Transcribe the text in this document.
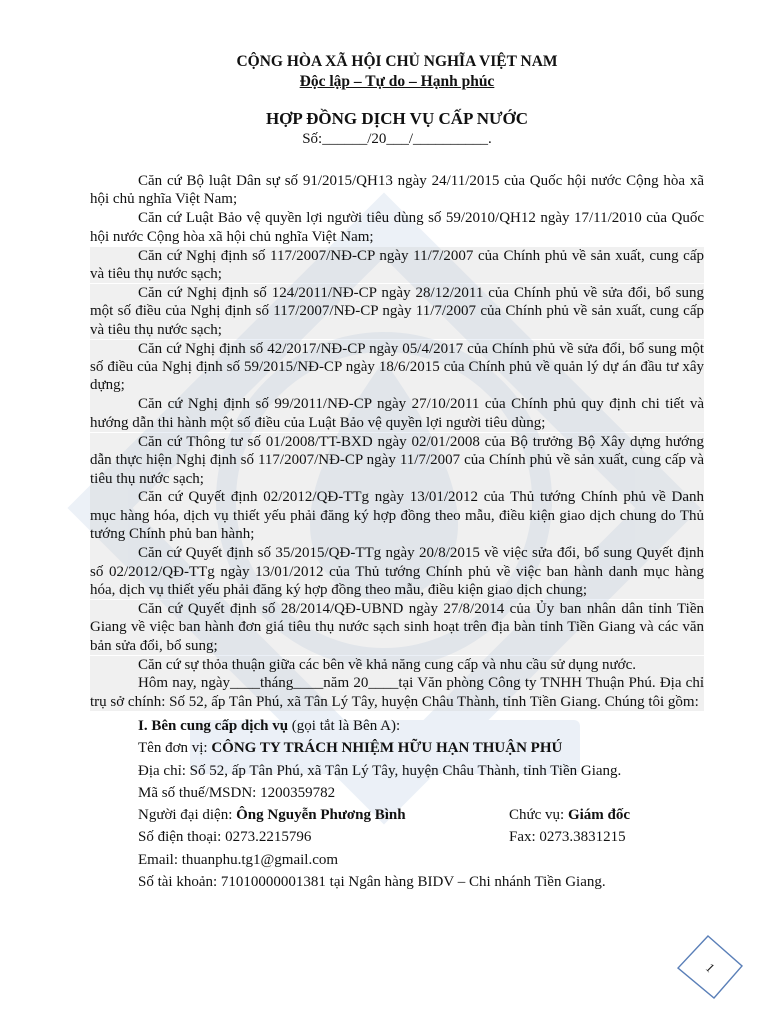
CỘNG HÒA XÃ HỘI CHỦ NGHĨA VIỆT NAM
Độc lập – Tự do – Hạnh phúc
HỢP ĐỒNG DỊCH VỤ CẤP NƯỚC
Số:______/20___/__________.

Căn cứ Bộ luật Dân sự số 91/2015/QH13 ngày 24/11/2015 của Quốc hội nước Cộng hòa xã hội chủ nghĩa Việt Nam;

Căn cứ Luật Bảo vệ quyền lợi người tiêu dùng số 59/2010/QH12 ngày 17/11/2010 của Quốc hội nước Cộng hòa xã hội chủ nghĩa Việt Nam;

Căn cứ Nghị định số 117/2007/NĐ-CP ngày 11/7/2007 của Chính phủ về sản xuất, cung cấp và tiêu thụ nước sạch;

Căn cứ Nghị định số 124/2011/NĐ-CP ngày 28/12/2011 của Chính phủ về sửa đổi, bổ sung một số điều của Nghị định số 117/2007/NĐ-CP ngày 11/7/2007 của Chính phủ về sản xuất, cung cấp và tiêu thụ nước sạch;

Căn cứ Nghị định số 42/2017/NĐ-CP ngày 05/4/2017 của Chính phủ về sửa đổi, bổ sung một số điều của Nghị định số 59/2015/NĐ-CP ngày 18/6/2015 của Chính phủ về quản lý dự án đầu tư xây dựng;

Căn cứ Nghị định số 99/2011/NĐ-CP ngày 27/10/2011 của Chính phủ quy định chi tiết và hướng dẫn thi hành một số điều của Luật Bảo vệ quyền lợi người tiêu dùng;

Căn cứ Thông tư số 01/2008/TT-BXD ngày 02/01/2008 của Bộ trưởng Bộ Xây dựng hướng dẫn thực hiện Nghị định số 117/2007/NĐ-CP ngày 11/7/2007 của Chính phủ về sản xuất, cung cấp và tiêu thụ nước sạch;

Căn cứ Quyết định 02/2012/QĐ-TTg ngày 13/01/2012 của Thủ tướng Chính phủ về Danh mục hàng hóa, dịch vụ thiết yếu phải đăng ký hợp đồng theo mẫu, điều kiện giao dịch chung do Thủ tướng Chính phủ ban hành;

Căn cứ Quyết định số 35/2015/QĐ-TTg ngày 20/8/2015 về việc sửa đổi, bổ sung Quyết định số 02/2012/QĐ-TTg ngày 13/01/2012 của Thủ tướng Chính phủ về việc ban hành danh mục hàng hóa, dịch vụ thiết yếu phải đăng ký hợp đồng theo mẫu, điều kiện giao dịch chung;

Căn cứ Quyết định số 28/2014/QĐ-UBND ngày 27/8/2014 của Ủy ban nhân dân tỉnh Tiền Giang về việc ban hành đơn giá tiêu thụ nước sạch sinh hoạt trên địa bàn tỉnh Tiền Giang và các văn bản sửa đổi, bổ sung;

Căn cứ sự thỏa thuận giữa các bên về khả năng cung cấp và nhu cầu sử dụng nước.

Hôm nay, ngày____tháng____năm 20____tại Văn phòng Công ty TNHH Thuận Phú. Địa chỉ trụ sở chính: Số 52, ấp Tân Phú, xã Tân Lý Tây, huyện Châu Thành, tỉnh Tiền Giang. Chúng tôi gồm:

I. Bên cung cấp dịch vụ (gọi tắt là Bên A):
Tên đơn vị: CÔNG TY TRÁCH NHIỆM HỮU HẠN THUẬN PHÚ
Địa chỉ: Số 52, ấp Tân Phú, xã Tân Lý Tây, huyện Châu Thành, tỉnh Tiền Giang.
Mã số thuế/MSDN: 1200359782
Người đại diện: Ông Nguyễn Phương Bình	Chức vụ: Giám đốc
Số điện thoại: 0273.2215796	Fax: 0273.3831215
Email: thuanphu.tg1@gmail.com
Số tài khoản: 71010000001381 tại Ngân hàng BIDV – Chi nhánh Tiền Giang.
1
